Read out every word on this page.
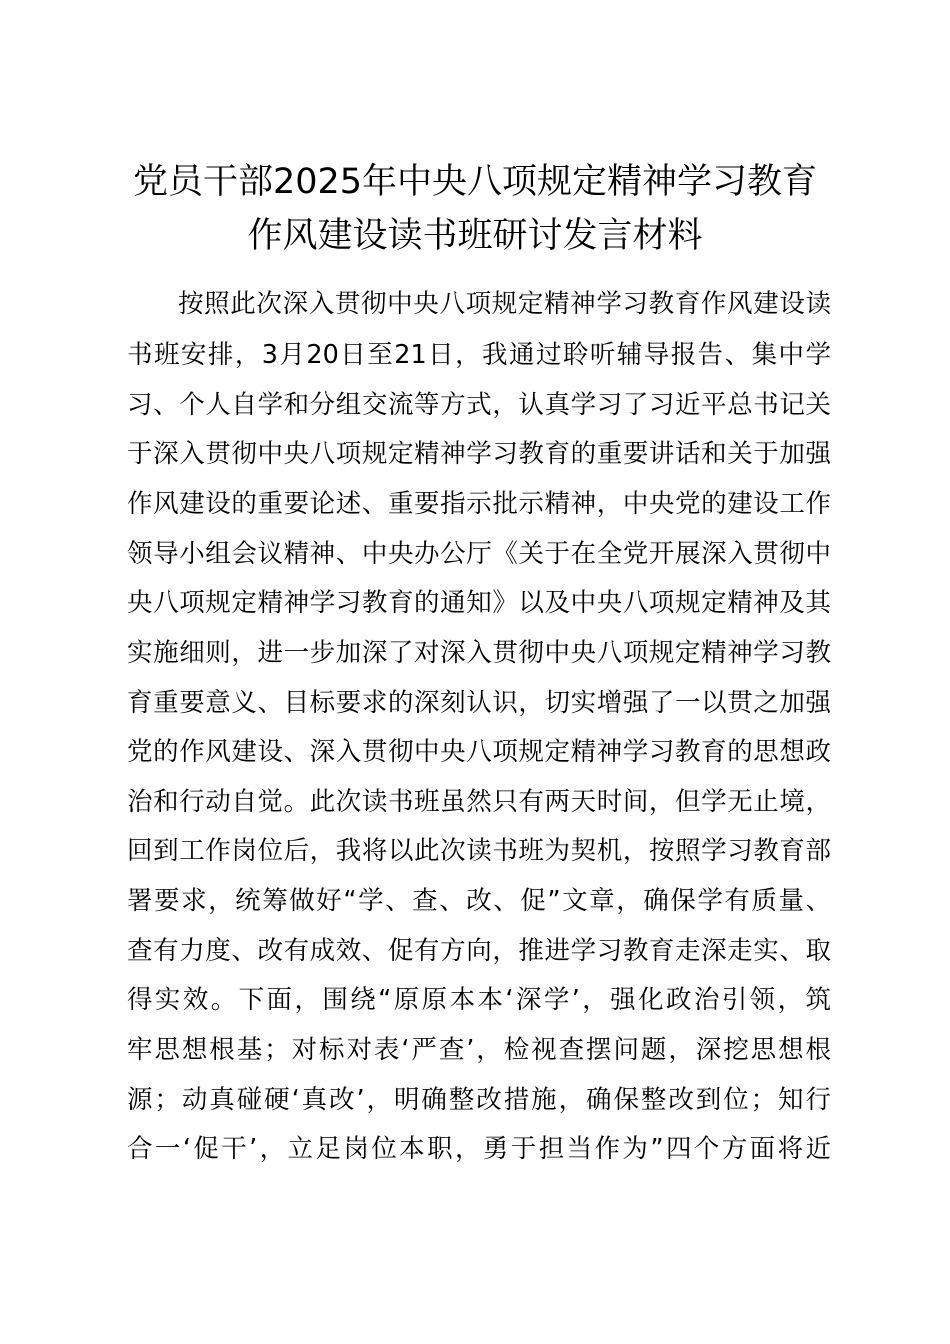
党员干部2025年中央八项规定精神学习教育
作风建设读书班研讨发言材料
按照此次深入贯彻中央八项规定精神学习教育作风建设读
书班安排，3月20日至21日，我通过聆听辅导报告、集中学
习、个人自学和分组交流等方式，认真学习了习近平总书记关
于深入贯彻中央八项规定精神学习教育的重要讲话和关于加强
作风建设的重要论述、重要指示批示精神，中央党的建设工作
领导小组会议精神、中央办公厅《关于在全党开展深入贯彻中
央八项规定精神学习教育的通知》以及中央八项规定精神及其
实施细则，进一步加深了对深入贯彻中央八项规定精神学习教
育重要意义、目标要求的深刻认识，切实增强了一以贯之加强
党的作风建设、深入贯彻中央八项规定精神学习教育的思想政
治和行动自觉。此次读书班虽然只有两天时间，但学无止境，
回到工作岗位后，我将以此次读书班为契机，按照学习教育部
署要求，统筹做好“学、查、改、促”文章，确保学有质量、
查有力度、改有成效、促有方向，推进学习教育走深走实、取
得实效。下面，围绕“原原本本‘深学’，强化政治引领，筑
牢思想根基；对标对表‘严查’，检视查摆问题，深挖思想根
源；动真碰硬‘真改’，明确整改措施，确保整改到位；知行
合一‘促干’，立足岗位本职，勇于担当作为”四个方面将近
